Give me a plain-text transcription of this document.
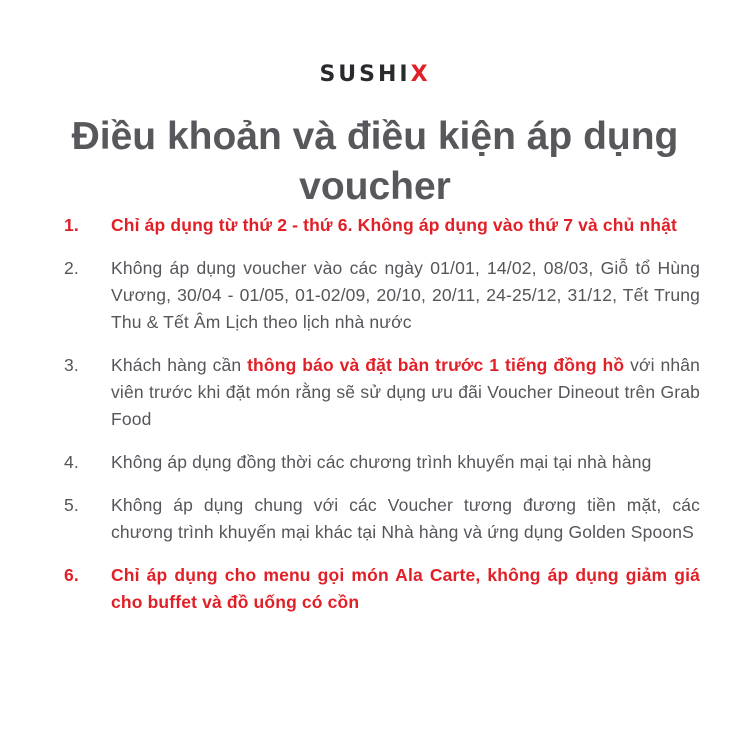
SUSHIX
Điều khoản và điều kiện áp dụng voucher
1.	Chỉ áp dụng từ thứ 2 - thứ 6. Không áp dụng vào thứ 7 và chủ nhật
2.	Không áp dụng voucher vào các ngày 01/01, 14/02, 08/03, Giỗ tổ Hùng Vương, 30/04 - 01/05, 01-02/09, 20/10, 20/11, 24-25/12, 31/12, Tết Trung Thu & Tết Âm Lịch theo lịch nhà nước
3.	Khách hàng cần thông báo và đặt bàn trước 1 tiếng đồng hồ với nhân viên trước khi đặt món rằng sẽ sử dụng ưu đãi Voucher Dineout trên Grab Food
4.	Không áp dụng đồng thời các chương trình khuyến mại tại nhà hàng
5.	Không áp dụng chung với các Voucher tương đương tiền mặt, các chương trình khuyến mại khác tại Nhà hàng và ứng dụng Golden SpoonS
6.	Chỉ áp dụng cho menu gọi món Ala Carte, không áp dụng giảm giá cho buffet và đồ uống có cồn
